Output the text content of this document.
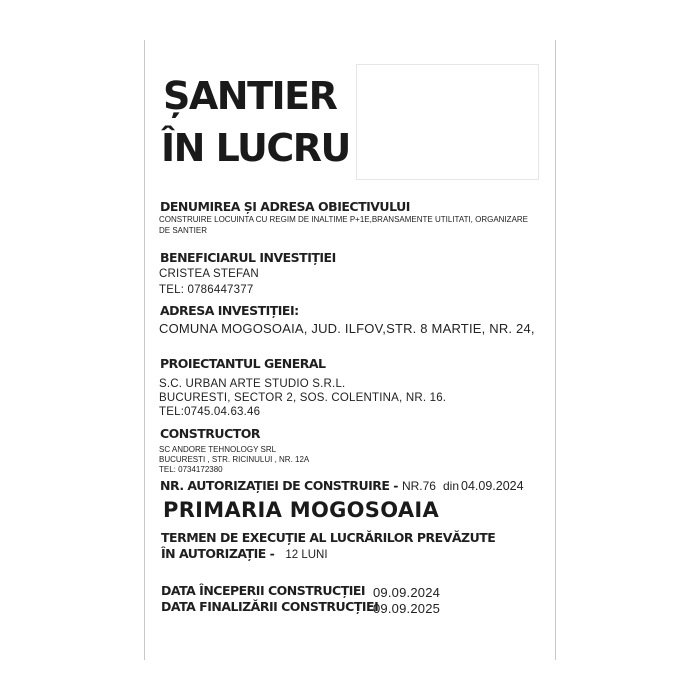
ȘANTIER
ÎN LUCRU
DENUMIREA ȘI ADRESA OBIECTIVULUI
CONSTRUIRE LOCUINTA CU REGIM DE INALTIME P+1E,BRANSAMENTE UTILITATI, ORGANIZARE
DE SANTIER
BENEFICIARUL INVESTIȚIEI
CRISTEA STEFAN
TEL: 0786447377
ADRESA INVESTIȚIEI:
COMUNA MOGOSOAIA, JUD. ILFOV,STR. 8 MARTIE, NR. 24,
PROIECTANTUL GENERAL
S.C. URBAN ARTE STUDIO S.R.L.
BUCURESTI, SECTOR 2, SOS. COLENTINA, NR. 16.
TEL:0745.04.63.46
CONSTRUCTOR
SC ANDORE TEHNOLOGY SRL
BUCURESTI , STR. RICINULUI , NR. 12A
TEL: 0734172380
NR. AUTORIZAȚIEI DE CONSTRUIRE - NR.76 din 04.09.2024
PRIMARIA MOGOSOAIA
TERMEN DE EXECUȚIE AL LUCRĂRILOR PREVĂZUTE
ÎN AUTORIZAȚIE - 12 LUNI
DATA ÎNCEPERII CONSTRUCȚIEI 09.09.2024
DATA FINALIZĂRII CONSTRUCȚIEI
09.09.2025
